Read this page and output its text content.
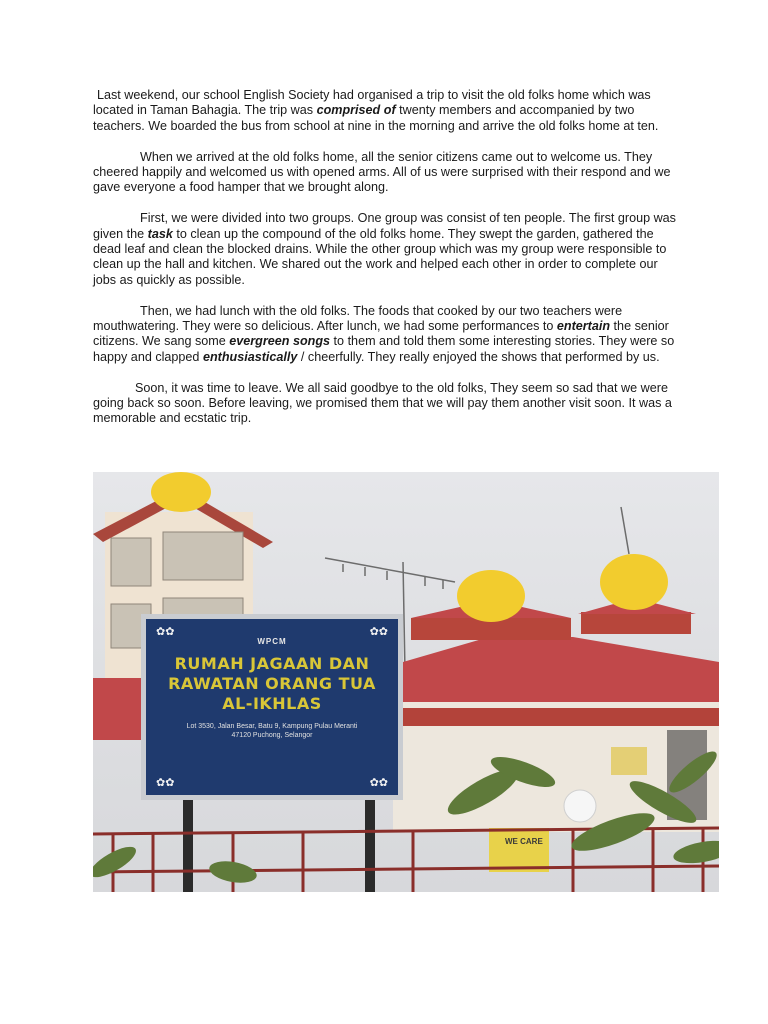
Last weekend, our school English Society had organised a trip to visit the old folks home which was located in Taman Bahagia. The trip was comprised of twenty members and accompanied by two teachers. We boarded the bus from school at nine in the morning and arrive the old folks home at ten.

When we arrived at the old folks home, all the senior citizens came out to welcome us. They cheered happily and welcomed us with opened arms. All of us were surprised with their respond and we gave everyone a food hamper that we brought along.

First, we were divided into two groups. One group was consist of ten people. The first group was given the task to clean up the compound of the old folks home. They swept the garden, gathered the dead leaf and clean the blocked drains. While the other group which was my group were responsible to clean up the hall and kitchen. We shared out the work and helped each other in order to complete our jobs as quickly as possible.

Then, we had lunch with the old folks. The foods that cooked by our two teachers were mouthwatering. They were so delicious. After lunch, we had some performances to entertain the senior citizens. We sang some evergreen songs to them and told them some interesting stories. They were so happy and clapped enthusiastically / cheerfully. They really enjoyed the shows that performed by us.

Soon, it was time to leave. We all said goodbye to the old folks, They seem so sad that we were going back so soon. Before leaving, we promised them that we will pay them another visit soon. It was a memorable and ecstatic trip.

WE CARE
✿✿	✿✿
✿✿	✿✿
WPCM
RUMAH JAGAAN DAN
RAWATAN ORANG TUA
AL-IKHLAS
Lot 3530, Jalan Besar, Batu 9, Kampung Pulau Meranti
47120 Puchong, Selangor
